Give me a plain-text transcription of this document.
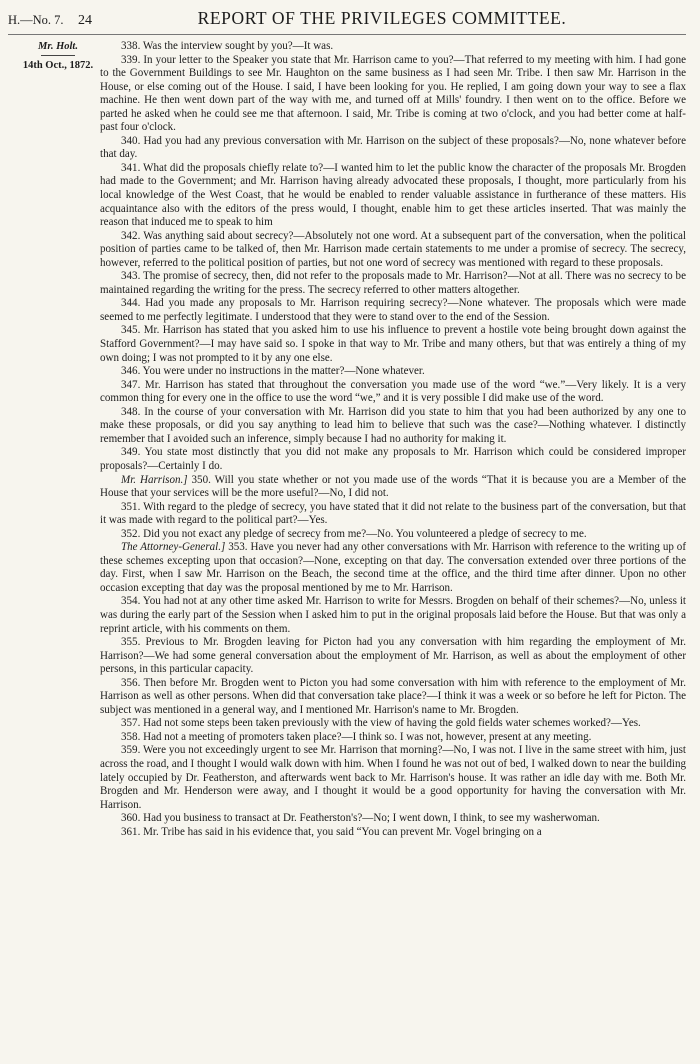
H.—No. 7.	24	REPORT OF THE PRIVILEGES COMMITTEE.
Mr. Holt.
14th Oct., 1872.

338. Was the interview sought by you?—It was.

339. In your letter to the Speaker you state that Mr. Harrison came to you?—That referred to my meeting with him. I had gone to the Government Buildings to see Mr. Haughton on the same business as I had seen Mr. Tribe. I then saw Mr. Harrison in the House, or else coming out of the House. I said, I have been looking for you. He replied, I am going down your way to see a flax machine. He then went down part of the way with me, and turned off at Mills' foundry. I then went on to the office. Before we parted he asked when he could see me that afternoon. I said, Mr. Tribe is coming at two o'clock, and you had better come at half-past four o'clock.

340. Had you had any previous conversation with Mr. Harrison on the subject of these proposals?—No, none whatever before that day.

341. What did the proposals chiefly relate to?—I wanted him to let the public know the character of the proposals Mr. Brogden had made to the Government; and Mr. Harrison having already advocated these proposals, I thought, more particularly from his local knowledge of the West Coast, that he would be enabled to render valuable assistance in furtherance of these matters. His acquaintance also with the editors of the press would, I thought, enable him to get these articles inserted. That was mainly the reason that induced me to speak to him

342. Was anything said about secrecy?—Absolutely not one word. At a subsequent part of the conversation, when the political position of parties came to be talked of, then Mr. Harrison made certain statements to me under a promise of secrecy. The secrecy, however, referred to the political position of parties, but not one word of secrecy was mentioned with regard to these proposals.

343. The promise of secrecy, then, did not refer to the proposals made to Mr. Harrison?—Not at all. There was no secrecy to be maintained regarding the writing for the press. The secrecy referred to other matters altogether.

344. Had you made any proposals to Mr. Harrison requiring secrecy?—None whatever. The proposals which were made seemed to me perfectly legitimate. I understood that they were to stand over to the end of the Session.

345. Mr. Harrison has stated that you asked him to use his influence to prevent a hostile vote being brought down against the Stafford Government?—I may have said so. I spoke in that way to Mr. Tribe and many others, but that was entirely a thing of my own doing; I was not prompted to it by any one else.

346. You were under no instructions in the matter?—None whatever.

347. Mr. Harrison has stated that throughout the conversation you made use of the word “we.”—Very likely. It is a very common thing for every one in the office to use the word “we,” and it is very possible I did make use of the word.

348. In the course of your conversation with Mr. Harrison did you state to him that you had been authorized by any one to make these proposals, or did you say anything to lead him to believe that such was the case?—Nothing whatever. I distinctly remember that I avoided such an inference, simply because I had no authority for making it.

349. You state most distinctly that you did not make any proposals to Mr. Harrison which could be considered improper proposals?—Certainly I do.

Mr. Harrison.] 350. Will you state whether or not you made use of the words “That it is because you are a Member of the House that your services will be the more useful?—No, I did not.

351. With regard to the pledge of secrecy, you have stated that it did not relate to the business part of the conversation, but that it was made with regard to the political part?—Yes.

352. Did you not exact any pledge of secrecy from me?—No. You volunteered a pledge of secrecy to me.

The Attorney-General.] 353. Have you never had any other conversations with Mr. Harrison with reference to the writing up of these schemes excepting upon that occasion?—None, excepting on that day. The conversation extended over three portions of the day. First, when I saw Mr. Harrison on the Beach, the second time at the office, and the third time after dinner. Upon no other occasion excepting that day was the proposal mentioned by me to Mr. Harrison.

354. You had not at any other time asked Mr. Harrison to write for Messrs. Brogden on behalf of their schemes?—No, unless it was during the early part of the Session when I asked him to put in the original proposals laid before the House. But that was only a reprint article, with his comments on them.

355. Previous to Mr. Brogden leaving for Picton had you any conversation with him regarding the employment of Mr. Harrison?—We had some general conversation about the employment of Mr. Harrison, as well as about the employment of other persons, in this particular capacity.

356. Then before Mr. Brogden went to Picton you had some conversation with him with reference to the employment of Mr. Harrison as well as other persons. When did that conversation take place?—I think it was a week or so before he left for Picton. The subject was mentioned in a general way, and I mentioned Mr. Harrison's name to Mr. Brogden.

357. Had not some steps been taken previously with the view of having the gold fields water schemes worked?—Yes.

358. Had not a meeting of promoters taken place?—I think so. I was not, however, present at any meeting.

359. Were you not exceedingly urgent to see Mr. Harrison that morning?—No, I was not. I live in the same street with him, just across the road, and I thought I would walk down with him. When I found he was not out of bed, I walked down to near the building lately occupied by Dr. Featherston, and afterwards went back to Mr. Harrison's house. It was rather an idle day with me. Both Mr. Brogden and Mr. Henderson were away, and I thought it would be a good opportunity for having the conversation with Mr. Harrison.

360. Had you business to transact at Dr. Featherston's?—No; I went down, I think, to see my washerwoman.

361. Mr. Tribe has said in his evidence that, you said “You can prevent Mr. Vogel bringing on a
